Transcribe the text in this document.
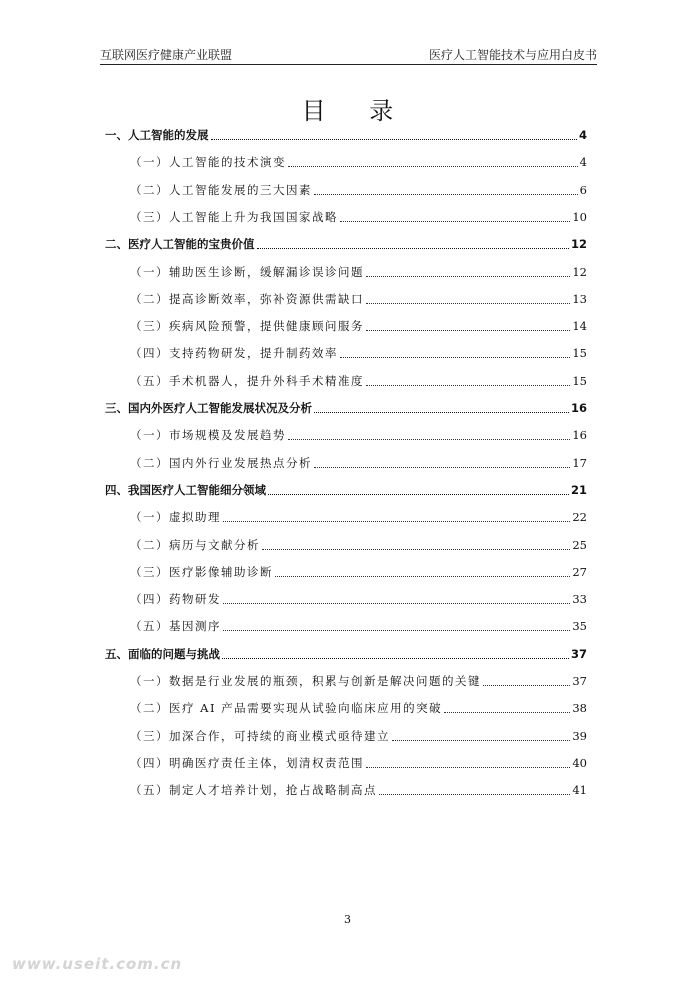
互联网医疗健康产业联盟	医疗人工智能技术与应用白皮书
目 录
一、人工智能的发展	4
（一）人工智能的技术演变	4
（二）人工智能发展的三大因素	6
（三）人工智能上升为我国国家战略	10
二、医疗人工智能的宝贵价值	12
（一）辅助医生诊断，缓解漏诊误诊问题	12
（二）提高诊断效率，弥补资源供需缺口	13
（三）疾病风险预警，提供健康顾问服务	14
（四）支持药物研发，提升制药效率	15
（五）手术机器人，提升外科手术精准度	15
三、国内外医疗人工智能发展状况及分析	16
（一）市场规模及发展趋势	16
（二）国内外行业发展热点分析	17
四、我国医疗人工智能细分领域	21
（一）虚拟助理	22
（二）病历与文献分析	25
（三）医疗影像辅助诊断	27
（四）药物研发	33
（五）基因测序	35
五、面临的问题与挑战	37
（一）数据是行业发展的瓶颈，积累与创新是解决问题的关键	37
（二）医疗 AI 产品需要实现从试验向临床应用的突破	38
（三）加深合作，可持续的商业模式亟待建立	39
（四）明确医疗责任主体，划清权责范围	40
（五）制定人才培养计划，抢占战略制高点	41
3
www.useit.com.cn
